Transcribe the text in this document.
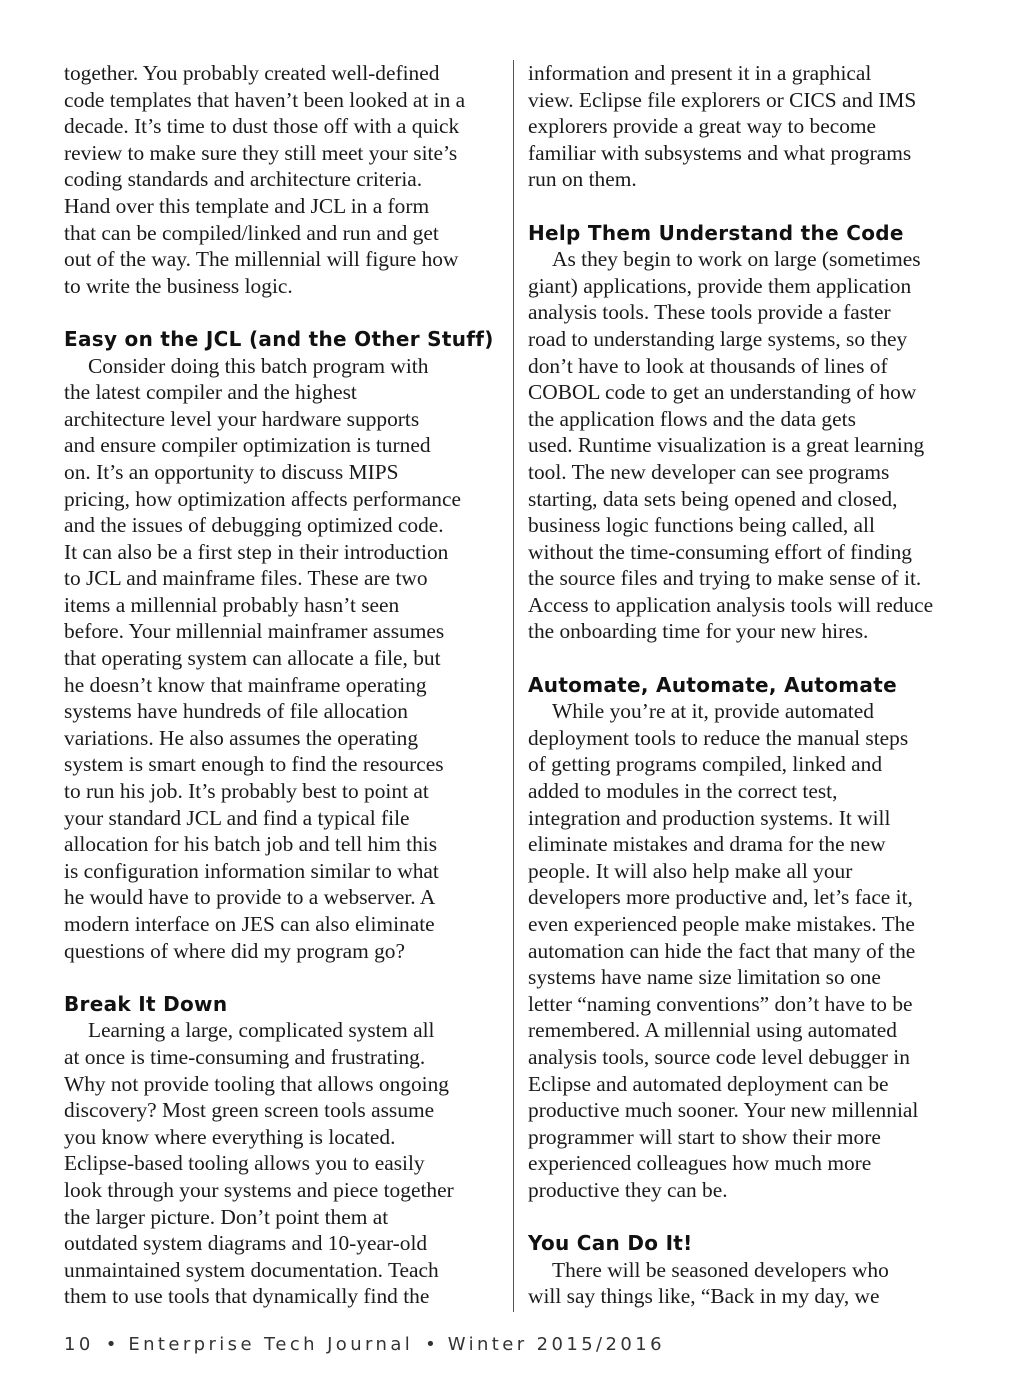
together. You probably created well-defined
code templates that haven’t been looked at in a
decade. It’s time to dust those off with a quick
review to make sure they still meet your site’s
coding standards and architecture criteria.
Hand over this template and JCL in a form
that can be compiled/linked and run and get
out of the way. The millennial will figure how
to write the business logic.
Easy on the JCL (and the Other Stuff)
Consider doing this batch program with
the latest compiler and the highest
architecture level your hardware supports
and ensure compiler optimization is turned
on. It’s an opportunity to discuss MIPS
pricing, how optimization affects performance
and the issues of debugging optimized code.
It can also be a first step in their introduction
to JCL and mainframe files. These are two
items a millennial probably hasn’t seen
before. Your millennial mainframer assumes
that operating system can allocate a file, but
he doesn’t know that mainframe operating
systems have hundreds of file allocation
variations. He also assumes the operating
system is smart enough to find the resources
to run his job. It’s probably best to point at
your standard JCL and find a typical file
allocation for his batch job and tell him this
is configuration information similar to what
he would have to provide to a webserver. A
modern interface on JES can also eliminate
questions of where did my program go?
Break It Down
Learning a large, complicated system all
at once is time-consuming and frustrating.
Why not provide tooling that allows ongoing
discovery? Most green screen tools assume
you know where everything is located.
Eclipse-based tooling allows you to easily
look through your systems and piece together
the larger picture. Don’t point them at
outdated system diagrams and 10-year-old
unmaintained system documentation. Teach
them to use tools that dynamically find the
information and present it in a graphical
view. Eclipse file explorers or CICS and IMS
explorers provide a great way to become
familiar with subsystems and what programs
run on them.
Help Them Understand the Code
As they begin to work on large (sometimes
giant) applications, provide them application
analysis tools. These tools provide a faster
road to understanding large systems, so they
don’t have to look at thousands of lines of
COBOL code to get an understanding of how
the application flows and the data gets
used. Runtime visualization is a great learning
tool. The new developer can see programs
starting, data sets being opened and closed,
business logic functions being called, all
without the time-consuming effort of finding
the source files and trying to make sense of it.
Access to application analysis tools will reduce
the onboarding time for your new hires.
Automate, Automate, Automate
While you’re at it, provide automated
deployment tools to reduce the manual steps
of getting programs compiled, linked and
added to modules in the correct test,
integration and production systems. It will
eliminate mistakes and drama for the new
people. It will also help make all your
developers more productive and, let’s face it,
even experienced people make mistakes. The
automation can hide the fact that many of the
systems have name size limitation so one
letter “naming conventions” don’t have to be
remembered. A millennial using automated
analysis tools, source code level debugger in
Eclipse and automated deployment can be
productive much sooner. Your new millennial
programmer will start to show their more
experienced colleagues how much more
productive they can be.
You Can Do It!
There will be seasoned developers who
will say things like, “Back in my day, we
10 • Enterprise Tech Journal • Winter 2015/2016
